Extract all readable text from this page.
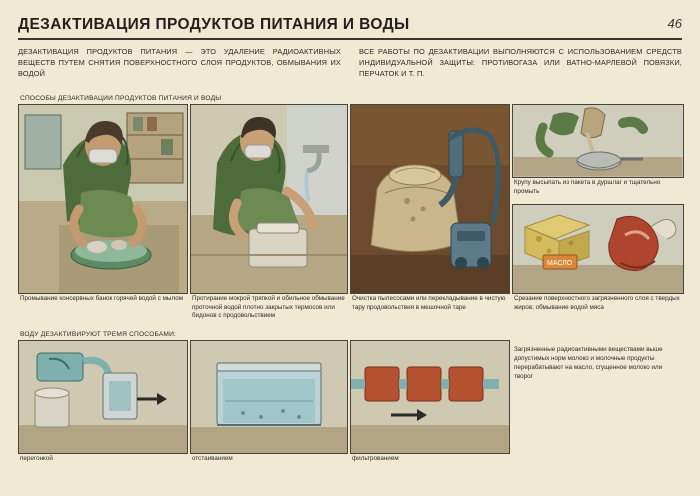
ДЕЗАКТИВАЦИЯ ПРОДУКТОВ ПИТАНИЯ И ВОДЫ	46
ДЕЗАКТИВАЦИЯ ПРОДУКТОВ ПИТАНИЯ — ЭТО УДАЛЕНИЕ РАДИОАКТИВНЫХ ВЕЩЕСТВ ПУТЕМ СНЯТИЯ ПОВЕРХНОСТНОГО СЛОЯ ПРОДУКТОВ, ОБМЫВАНИЯ ИХ ВОДОЙ
ВСЕ РАБОТЫ ПО ДЕЗАКТИВАЦИИ ВЫПОЛНЯЮТСЯ С ИСПОЛЬЗОВАНИЕМ СРЕДСТВ ИНДИВИДУАЛЬНОЙ ЗАЩИТЫ: ПРОТИВОГАЗА ИЛИ ВАТНО-МАРЛЕВОЙ ПОВЯЗКИ, ПЕРЧАТОК И Т. П.
СПОСОБЫ ДЕЗАКТИВАЦИИ ПРОДУКТОВ ПИТАНИЯ И ВОДЫ
Промывание консервных банок горячей водой с мылом	Протирание мокрой тряпкой и обильное обмывание проточной водой плотно закрытых термосов или бидонов с продовольствием
Очистка пылесосами или перекладывание в чистую тару продовольствия в мешочной таре
Крупу высыпать из пакета в дуршлаг и тщательно промыть
МАСЛО
Срезание поверхностного загрязненного слоя с твердых жиров; обмывание водой мяса
ВОДУ ДЕЗАКТИВИРУЮТ ТРЕМЯ СПОСОБАМИ:
перегонкой	отстаиванием	фильтрованием
Загрязненные радиоактивными веществами выше допустимых норм молоко и молочные продукты перерабатывают на масло, сгущенное молоко или творог
